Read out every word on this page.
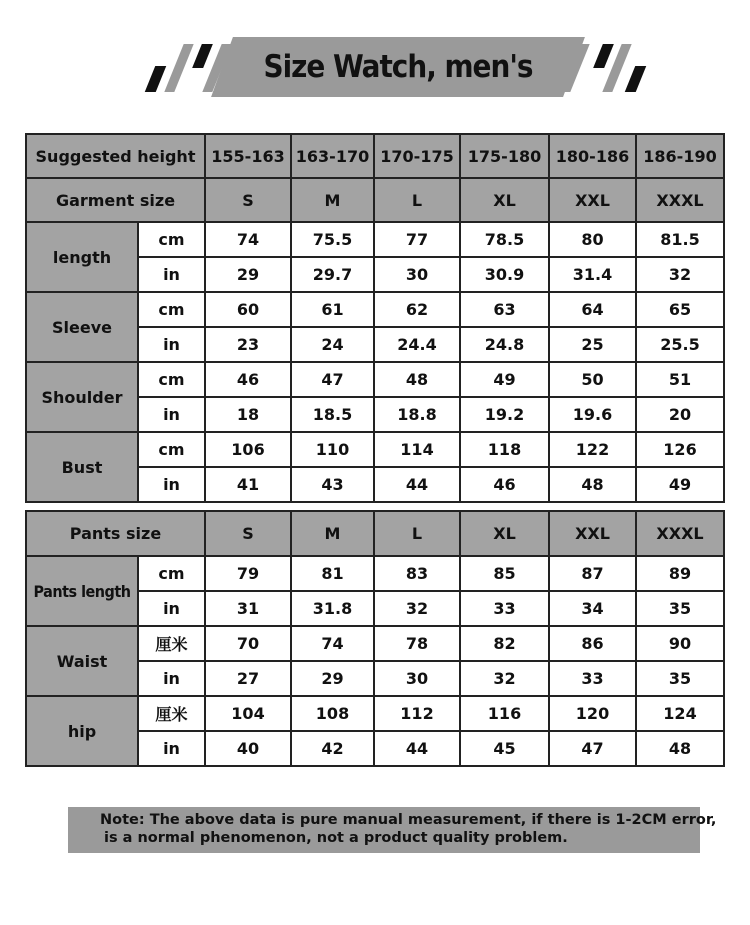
Size Watch, men's
Suggested height		155-163	163-170	170-175	175-180	180-186	186-190
Garment size		S	M	L	XL	XXL	XXXL
length	cm	74	75.5	77	78.5	80	81.5
	in	29	29.7	30	30.9	31.4	32
Sleeve	cm	60	61	62	63	64	65
	in	23	24	24.4	24.8	25	25.5
Shoulder	cm	46	47	48	49	50	51
	in	18	18.5	18.8	19.2	19.6	20
Bust	cm	106	110	114	118	122	126
	in	41	43	44	46	48	49
Pants size		S	M	L	XL	XXL	XXXL
Pants length	cm	79	81	83	85	87	89
	in	31	31.8	32	33	34	35
Waist	厘米	70	74	78	82	86	90
	in	27	29	30	32	33	35
hip	厘米	104	108	112	116	120	124
	in	40	42	44	45	47	48
Note: The above data is pure manual measurement, if there is 1-2CM error,
is a normal phenomenon, not a product quality problem.
